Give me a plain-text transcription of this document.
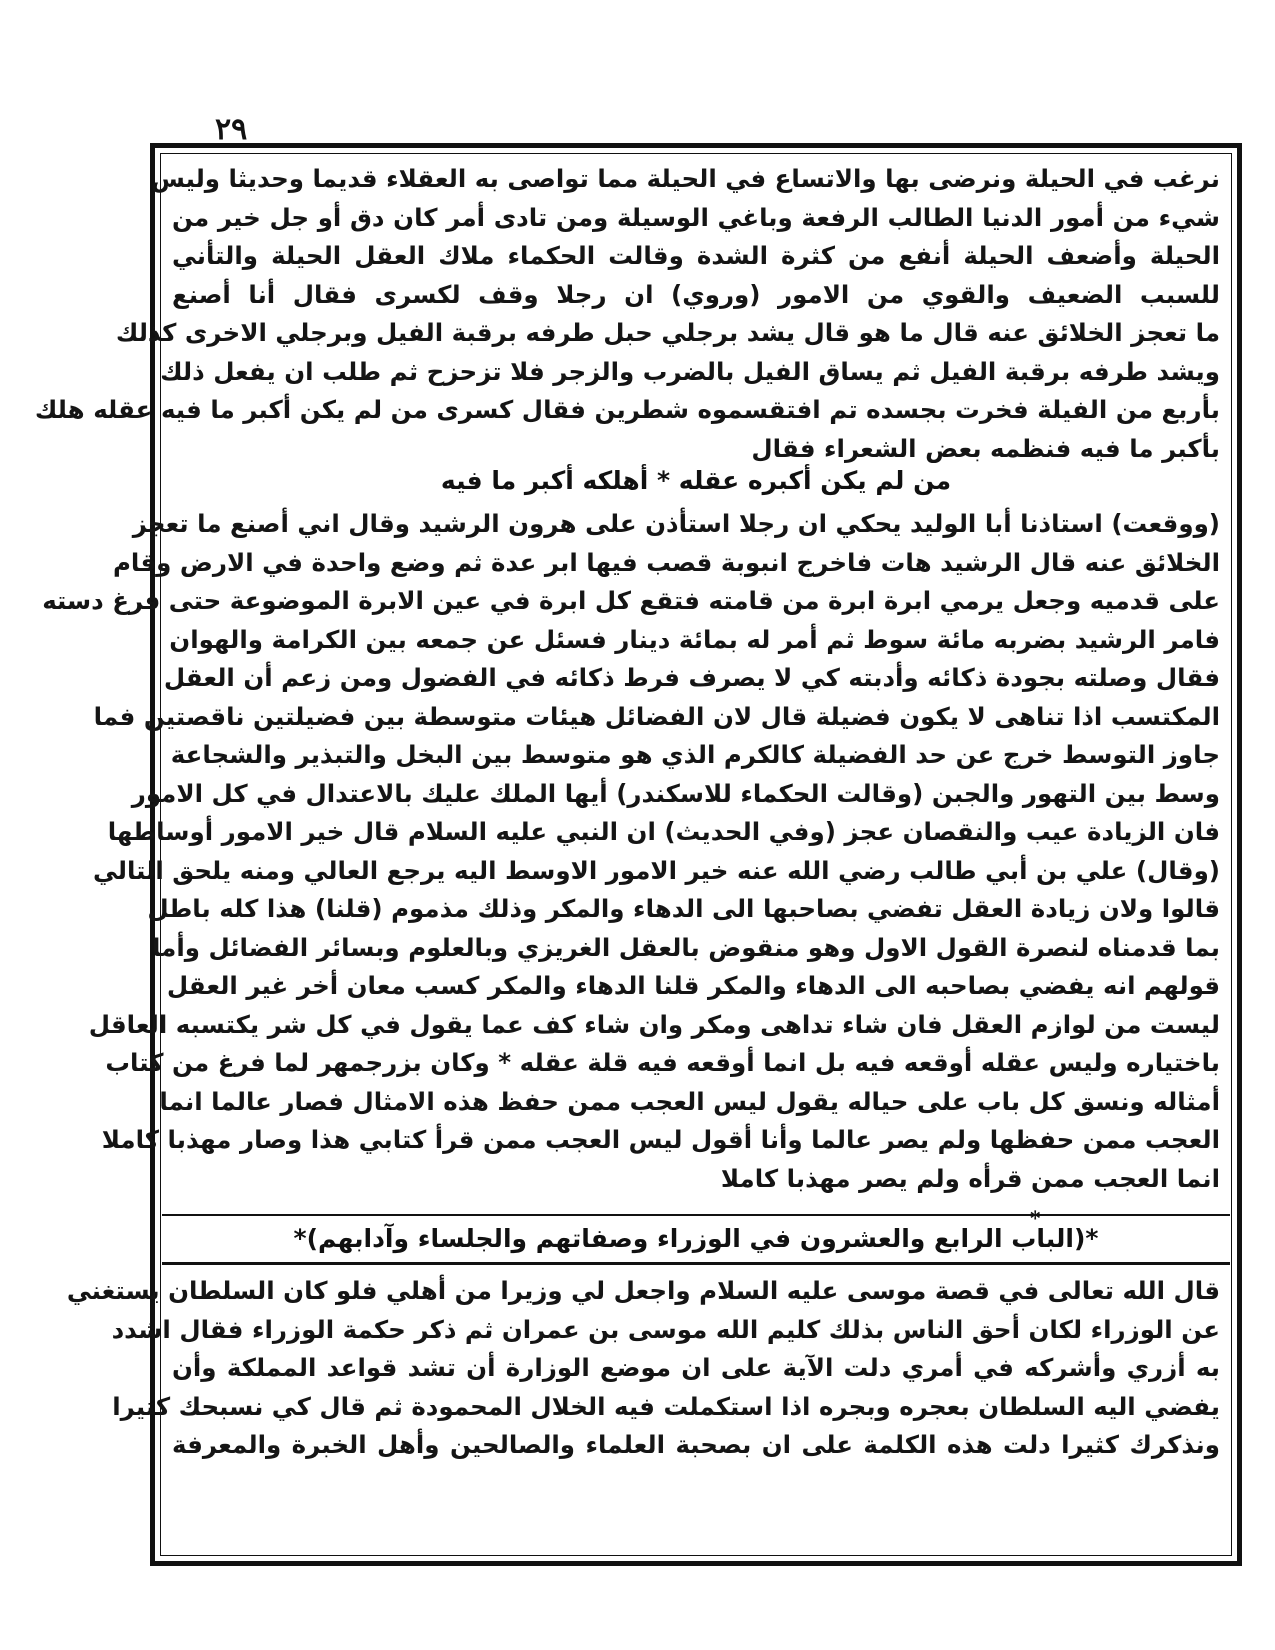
٢٩
نرغب في الحيلة ونرضى بها والاتساع في الحيلة مما تواصى به العقلاء قديما وحديثا وليس
شيء من أمور الدنيا الطالب الرفعة وباغي الوسيلة ومن تادى أمر كان دق أو جل خير من
الحيلة وأضعف الحيلة أنفع من كثرة الشدة وقالت الحكماء ملاك العقل الحيلة والتأني
للسبب الضعيف والقوي من الامور (وروي) ان رجلا وقف لكسرى فقال أنا أصنع
ما تعجز الخلائق عنه قال ما هو قال يشد برجلي حبل طرفه برقبة الفيل وبرجلي الاخرى كذلك
ويشد طرفه برقبة الفيل ثم يساق الفيل بالضرب والزجر فلا تزحزح ثم طلب ان يفعل ذلك
بأربع من الفيلة فخرت بجسده تم افتقسموه شطرين فقال كسرى من لم يكن أكبر ما فيه عقله هلك
بأكبر ما فيه فنظمه بعض الشعراء فقال
من لم يكن أكبره عقله * أهلكه أكبر ما فيه
(ووقعت) استاذنا أبا الوليد يحكي ان رجلا استأذن على هرون الرشيد وقال اني أصنع ما تعجز
الخلائق عنه قال الرشيد هات فاخرج انبوبة قصب فيها ابر عدة ثم وضع واحدة في الارض وقام
على قدميه وجعل يرمي ابرة ابرة من قامته فتقع كل ابرة في عين الابرة الموضوعة حتى فرغ دسته
فامر الرشيد بضربه مائة سوط ثم أمر له بمائة دينار فسئل عن جمعه بين الكرامة والهوان
فقال وصلته بجودة ذكائه وأدبته كي لا يصرف فرط ذكائه في الفضول ومن زعم أن العقل
المكتسب اذا تناهى لا يكون فضيلة قال لان الفضائل هيئات متوسطة بين فضيلتين ناقصتين فما
جاوز التوسط خرج عن حد الفضيلة كالكرم الذي هو متوسط بين البخل والتبذير والشجاعة
وسط بين التهور والجبن (وقالت الحكماء للاسكندر) أيها الملك عليك بالاعتدال في كل الامور
فان الزيادة عيب والنقصان عجز (وفي الحديث) ان النبي عليه السلام قال خير الامور أوساطها
(وقال) علي بن أبي طالب رضي الله عنه خير الامور الاوسط اليه يرجع العالي ومنه يلحق التالي
قالوا ولان زيادة العقل تفضي بصاحبها الى الدهاء والمكر وذلك مذموم (قلنا) هذا كله باطل
بما قدمناه لنصرة القول الاول وهو منقوض بالعقل الغريزي وبالعلوم وبسائر الفضائل وأما
قولهم انه يفضي بصاحبه الى الدهاء والمكر قلنا الدهاء والمكر كسب معان أخر غير العقل
ليست من لوازم العقل فان شاء تداهى ومكر وان شاء كف عما يقول في كل شر يكتسبه العاقل
باختياره وليس عقله أوقعه فيه بل انما أوقعه فيه قلة عقله * وكان بزرجمهر لما فرغ من كتاب
أمثاله ونسق كل باب على حياله يقول ليس العجب ممن حفظ هذه الامثال فصار عالما انما
العجب ممن حفظها ولم يصر عالما وأنا أقول ليس العجب ممن قرأ كتابي هذا وصار مهذبا كاملا
انما العجب ممن قرأه ولم يصر مهذبا كاملا
*
*(الباب الرابع والعشرون في الوزراء وصفاتهم والجلساء وآدابهم)*
قال الله تعالى في قصة موسى عليه السلام واجعل لي وزيرا من أهلي فلو كان السلطان يستغني
عن الوزراء لكان أحق الناس بذلك كليم الله موسى بن عمران ثم ذكر حكمة الوزراء فقال اشدد
به أزري وأشركه في أمري دلت الآية على ان موضع الوزارة أن تشد قواعد المملكة وأن
يفضي اليه السلطان بعجره وبجره اذا استكملت فيه الخلال المحمودة ثم قال كي نسبحك كثيرا
ونذكرك كثيرا دلت هذه الكلمة على ان بصحبة العلماء والصالحين وأهل الخبرة والمعرفة
